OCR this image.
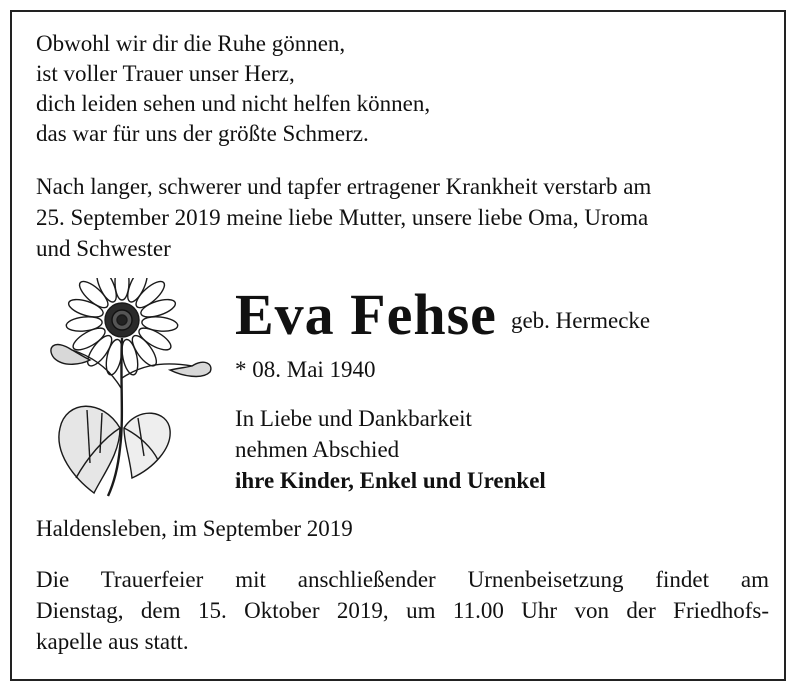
Obwohl wir dir die Ruhe gönnen,
ist voller Trauer unser Herz,
dich leiden sehen und nicht helfen können,
das war für uns der größte Schmerz.
Nach langer, schwerer und tapfer ertragener Krankheit verstarb am
25. September 2019 meine liebe Mutter, unsere liebe Oma, Uroma
und Schwester
Eva Fehse geb. Hermecke
* 08. Mai 1940
In Liebe und Dankbarkeit
nehmen Abschied
ihre Kinder, Enkel und Urenkel
Haldensleben, im September 2019
Die Trauerfeier mit anschließender Urnenbeisetzung findet am
Dienstag, dem 15. Oktober 2019, um 11.00 Uhr von der Friedhofs-
kapelle aus statt.
